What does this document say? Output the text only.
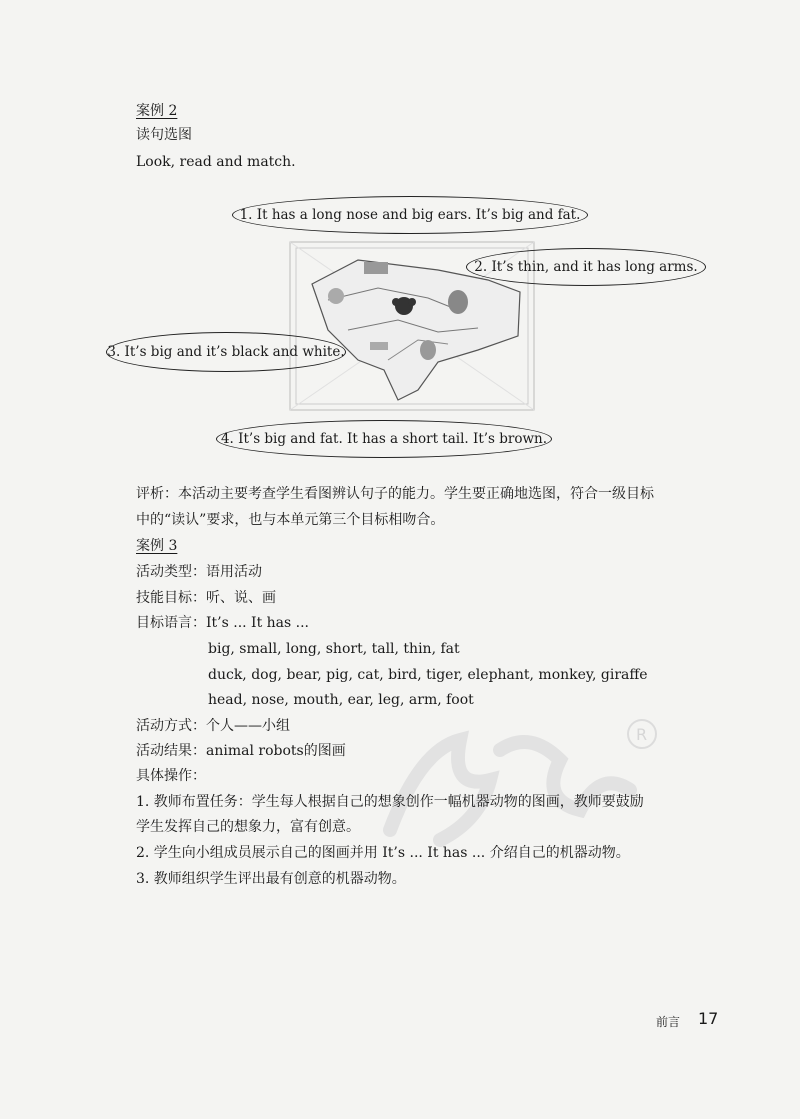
案例 2
读句选图
Look, read and match.
1. It has a long nose and big ears. It’s big and fat.
2. It’s thin, and it has long arms.
3. It’s big and it’s black and white.
4. It’s big and fat. It has a short tail. It’s brown.
评析：本活动主要考查学生看图辨认句子的能力。学生要正确地选图，符合一级目标
中的“读认”要求，也与本单元第三个目标相吻合。
案例 3
活动类型：语用活动
技能目标：听、说、画
目标语言：It’s ... It has ...
big, small, long, short, tall, thin, fat
duck, dog, bear, pig, cat, bird, tiger, elephant, monkey, giraffe
head, nose, mouth, ear, leg, arm, foot
活动方式：个人——小组
活动结果：animal robots的图画
具体操作：
R
1. 教师布置任务：学生每人根据自己的想象创作一幅机器动物的图画，教师要鼓励
学生发挥自己的想象力，富有创意。
2. 学生向小组成员展示自己的图画并用 It’s ... It has ... 介绍自己的机器动物。
3. 教师组织学生评出最有创意的机器动物。
前言 17
